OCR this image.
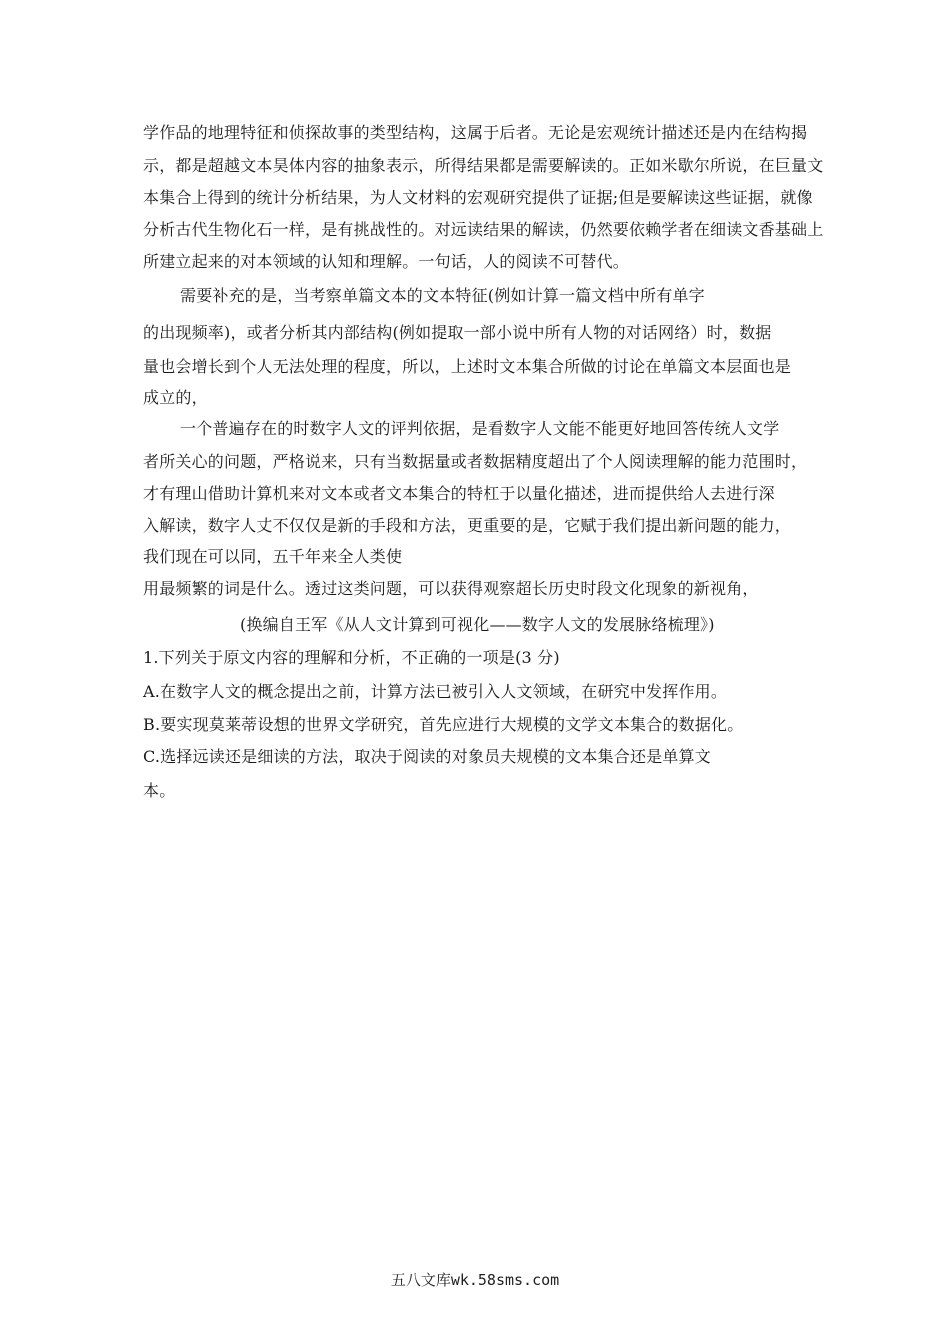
学作品的地理特征和侦探故事的类型结构，这属于后者。无论是宏观统计描述还是内在结构揭
示，都是超越文本昊体内容的抽象表示，所得结果都是需要解读的。正如米歇尔所说，在巨量文
本集合上得到的统计分析结果，为人文材料的宏观研究提供了证据;但是要解读这些证据，就像
分析古代生物化石一样，是有挑战性的。对远读结果的解读，仍然要依赖学者在细读文香基础上
所建立起来的对本领域的认知和理解。一句话，人的阅读不可替代。
需要补充的是，当考察单篇文本的文本特征(例如计算一篇文档中所有单字
的出现频率)，或者分析其内部结构(例如提取一部小说中所有人物的对话网络）时，数据
量也会增长到个人无法处理的程度，所以，上述时文本集合所做的讨论在单篇文本层面也是
成立的，
一个普遍存在的时数字人文的评判依据，是看数字人文能不能更好地回答传统人文学
者所关心的问题，严格说来，只有当数据量或者数据精度超出了个人阅读理解的能力范围时，
才有理山借助计算机来对文本或者文本集合的特杠于以量化描述，进而提供给人去进行深
入解读，数字人丈不仅仅是新的手段和方法，更重要的是，它赋于我们提出新问题的能力，
我们现在可以同，五千年来全人类使
用最频繁的词是什么。透过这类问题，可以获得观察超长历史时段文化现象的新视角，
(换编自王军《从人文计算到可视化——数字人文的发展脉络梳理》)
1.下列关于原文内容的理解和分析，不正确的一项是(3 分)
A.在数字人文的概念提出之前，计算方法已被引入人文领域，在研究中发挥作用。
B.要实现莫莱蒂设想的世界文学研究，首先应进行大规模的文学文本集合的数据化。
C.选择远读还是细读的方法，取决于阅读的对象员夫规模的文本集合还是单算文
本。
五八文库wk.58sms.com
